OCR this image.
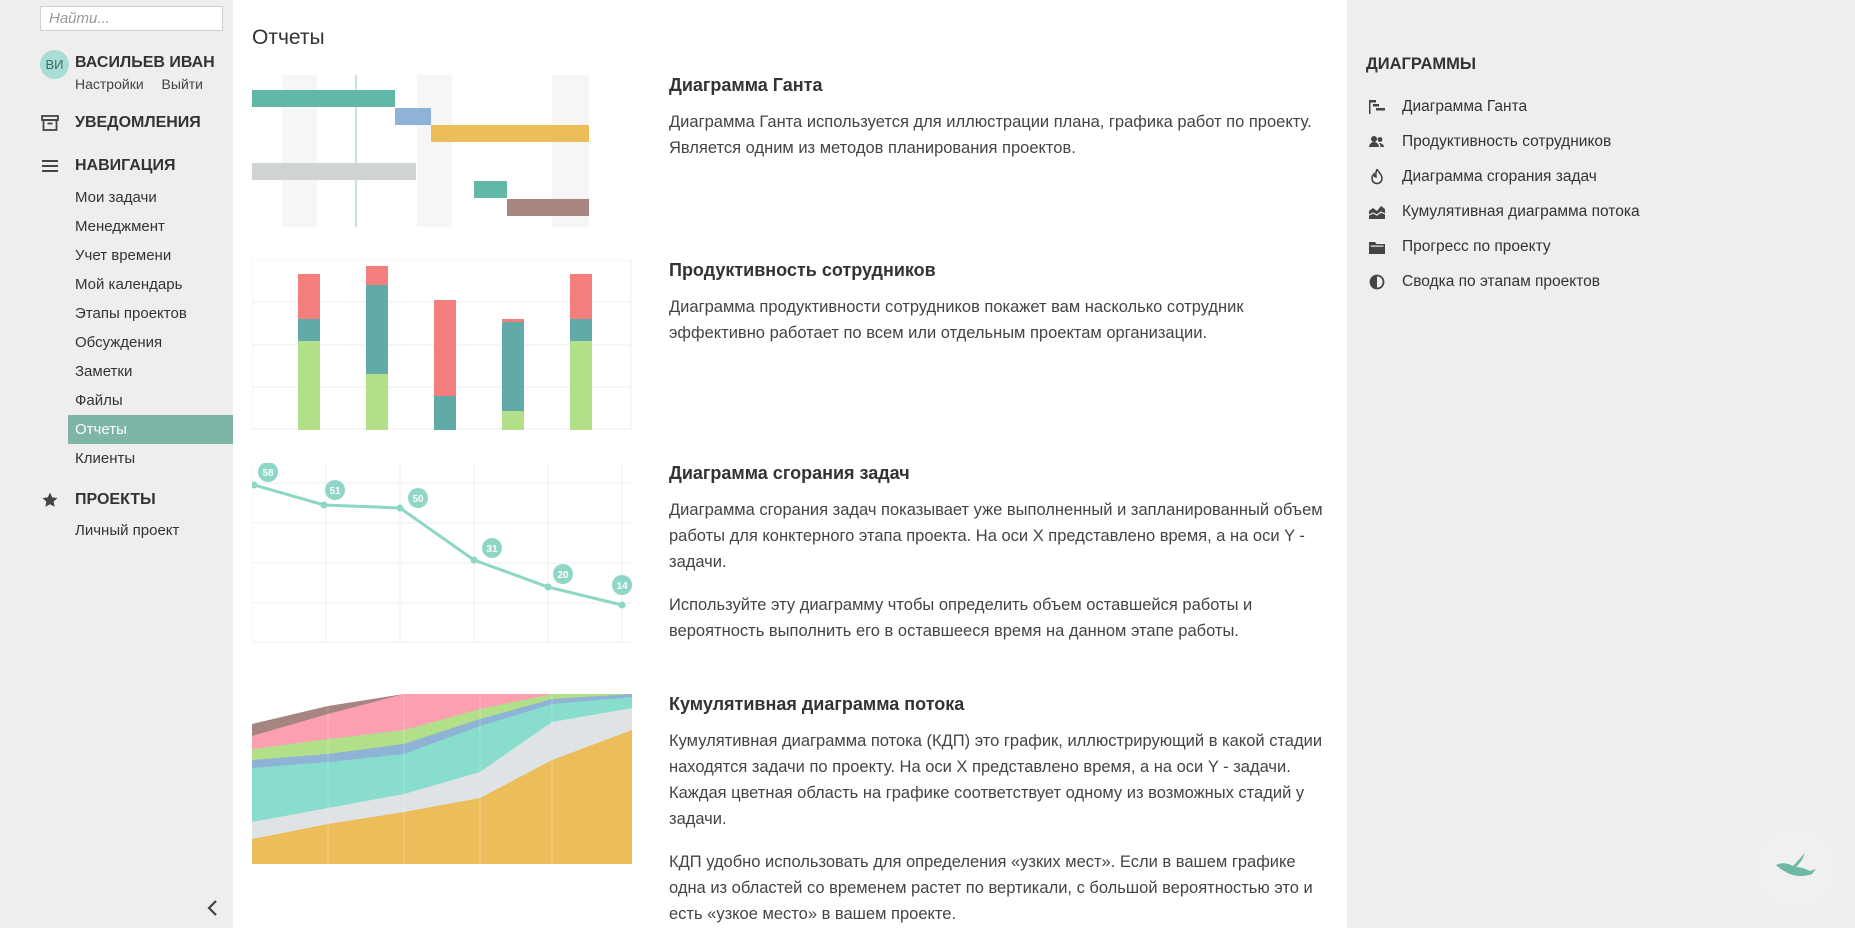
Найти...
ВИ ВАСИЛЬЕВ ИВАН
Настройки Выйти
УВЕДОМЛЕНИЯ
НАВИГАЦИЯ
Мои задачи
Менеджмент
Учет времени
Мой календарь
Этапы проектов
Обсуждения
Заметки
Файлы
Отчеты
Клиенты
ПРОЕКТЫ
Личный проект
Отчеты
Диаграмма Ганта

Диаграмма Ганта используется для иллюстрации плана, графика работ по проекту. Является одним из методов планирования проектов.

Продуктивность сотрудников

Диаграмма продуктивности сотрудников покажет вам насколько сотрудник эффективно работает по всем или отдельным проектам организации.

58
51
50
31
20
14
Диаграмма сгорания задач

Диаграмма сгорания задач показывает уже выполненный и запланированный объем работы для конктерного этапа проекта. На оси X представлено время, а на оси Y - задачи.

Используйте эту диаграмму чтобы определить объем оставшейся работы и вероятность выполнить его в оставшееся время на данном этапе работы.

Кумулятивная диаграмма потока

Кумулятивная диаграмма потока (КДП) это график, иллюстрирующий в какой стадии находятся задачи по проекту. На оси X представлено время, а на оси Y - задачи. Каждая цветная область на графике соответствует одному из возможных стадий у задачи.

КДП удобно использовать для определения «узких мест». Если в вашем графике одна из областей со временем растет по вертикали, с большой вероятностью это и есть «узкое место» в вашем проекте.

ДИАГРАММЫ
Диаграмма Ганта
Продуктивность сотрудников
Диаграмма сгорания задач
Кумулятивная диаграмма потока
Прогресс по проекту
Сводка по этапам проектов
